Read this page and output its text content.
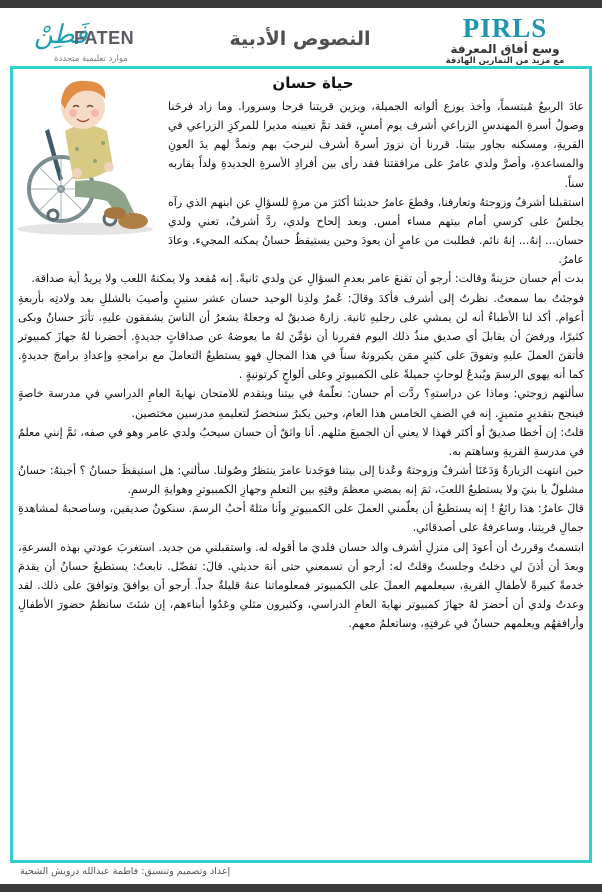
فَطِنْ
FATEN
موارد تعليمية متجددة
النصوص الأدبية	PIRLS
وسع أفاق المعرفة
مع مزيد من التمارين الهادفة
حياة حسان

عادَ الربيعُ مُبتسماً، وأخذ يوزع ألوانه الجميلة، ويزين قريتنا فرحا وسرورا. وما زاد فرحَنا وصولُ أسرةِ المهندسِ الزراعي أشرف يوم أمسٍ، فقد تمَّ تعيينه مديرا للمركزِ الزراعي في القريةِ، ومسكنه بجاور بيتنا. قررنا أن نزورَ أسرةَ أشرف لنرحبَ بهم ونمدَّ لهم يدَ العونِ والمساعدةِ، وأصرَّ ولدي عامرُ على مرافقتنا فقد رأى بين أفرادِ الأسرةِ الجديدةِ ولداً يقاربه سناً.

استقبلنا أشرفُ وزوجتهُ وتعارفنا، وقطعَ عامرُ حديثنا أكثرَ من مرةٍ للسؤالِ عن ابنهم الذي رآه يجلسُ على كرسي أمام بيتهم مساء أمس. وبعد إلحاح ولدي، ردَّ أشرفُ، تعني ولدي حسان... إنهُ... إنهُ نائم. فطلبت من عامرٍ أن يعودَ وحين يستيقظُ حسانُ يمكنه المجيء. وعادَ عامرُ.

بدت أم حسان حزينةً وقالت: أرجو أن تقنعَ عامر بعدمِ السؤالِ عن ولدي ثانيةً. إنه مُقعد ولا يمكنهُ اللعب ولا يريدُ أية صداقة.

فوجئتُ بما سمعتُ. نظرتُ إلى أشرف فأكدَ وقالَ: عُمرُ ولدِنا الوحيد حسان عشر سنينٍ وأصيبَ بالشللِ بعد ولادتِه بأربعةِ أعوام. أكد لنا الأطباءُ أنه لن يمشي على رجليهِ ثانية. زارهُ صديقٌ له وجعلهُ يشعرُ أن الناسَ يشفقون عليهِ، تأثرَ حسانُ وبكى كثيرًا، ورفضَ أن يقابلَ أي صديق منذُ ذلك اليوم فقررنا أن نؤمِّنَ لهُ ما يعوضهُ عن صداقاتٍ جديدةٍ. أحضرنا لهُ جهازَ كمبيوتر فأتقنَ العملَ عليهِ وتفوقَ على كثيرٍ ممَن يكبرونهُ سناً في هذا المجالِ فهو يستطيعُ التعاملَ مع برامجهِ وإعدادِ برامجَ جديدةٍ. كما أنه يهوى الرسمَ ويُبدعُ لوحاتٍ جميلةً على الكمبيوترِ وعلى ألواحٍ كرتونيةٍ .

سألتهم زوجتي: وماذا عن دراستهِ؟ ردَّت أم حسان: نعلّمهُ في بيتنا ويتقدم للامتحان نهايةَ العامِ الدراسي في مدرسة خاصةٍ فينجح بتقديرٍ متميزٍ. إنه في الصفِ الخامس هذا العام، وحين يكبرُ سنحضرُ لتعليمهِ مدرسين مختصين.

قلتُ: إن أخطا صديقٌ أو أكثر فهذا لا يعني أن الجميعَ مثلهم. أنا واثقٌ أن حسان سيحبُ ولدي عامر وهو في صفه، ثمَّ إنني معلمٌ في مدرسةِ القريةِ وساهتم به.

حين انتهت الزيارةُ وَدَعَنَا أشرفُ وزوجتهُ وعُدنا إلى بيتنا فوَجَدنا عامرَ ينتظرُ وصُولنا. سألني: هل استيقظَ حسانُ ؟ أجبتهُ: حسانُ مشلولٌ يا بنيَ ولا يستطيعُ اللعبَ، ثمَ إنه يمضي معظمَ وقتِهِ بين التعلمِ وجهازِ الكمبيوترِ وهوايةِ الرسمِ.

قالَ عامرُ: هذا رائعٌ ! إنه يستطيعُ أن يعلّمني العملَ على الكمبيوترِ وأنا مثلهُ أحبُ الرسمَ. سنكونُ صديقين، وساصحبهُ لمشاهدةِ جمالِ قريتنا، وساعرفهُ على أصدقائي.

ابتسمتُ وقررتُ أن أعودَ إلى منزلِ أشرف والد حسان فلديَ ما أقوله له. واستقبلني من جديد. استغربَ عودتي بهذه السرعةِ، وبعدَ أن أذنَ لي دخلتُ وجلستُ وقلتُ له: أرجو أن تسمعني حتى أنهَ حديثي. قالَ: تفضّل. تابعتُ: يستطيعُ حسانُ أن يقدمَ خدمةً كبيرةً لأطفالِ القريةِ، سيعلمهم العملَ على الكمبيوتر فمعلوماتنا عنهُ قليلةٌ جداً. أرجو أن يوافقَ وتوافقَ على ذلك. لقد وعدتُ ولدي أن أحضرَ لهُ جهازَ كمبيوتر نهايةَ العامِ الدراسي، وكثيرون مثلي وعَدُوا أبناءهم، إن شئتَ سانظمُ حضورَ الأطفالِ وأرافقهُم ويعلمهم حسانُ في غرفتِهِ، وساتعلمُ معهم.

إعداد وتصميم وتنسيق: فاطمة عبدالله درويش الشحية
